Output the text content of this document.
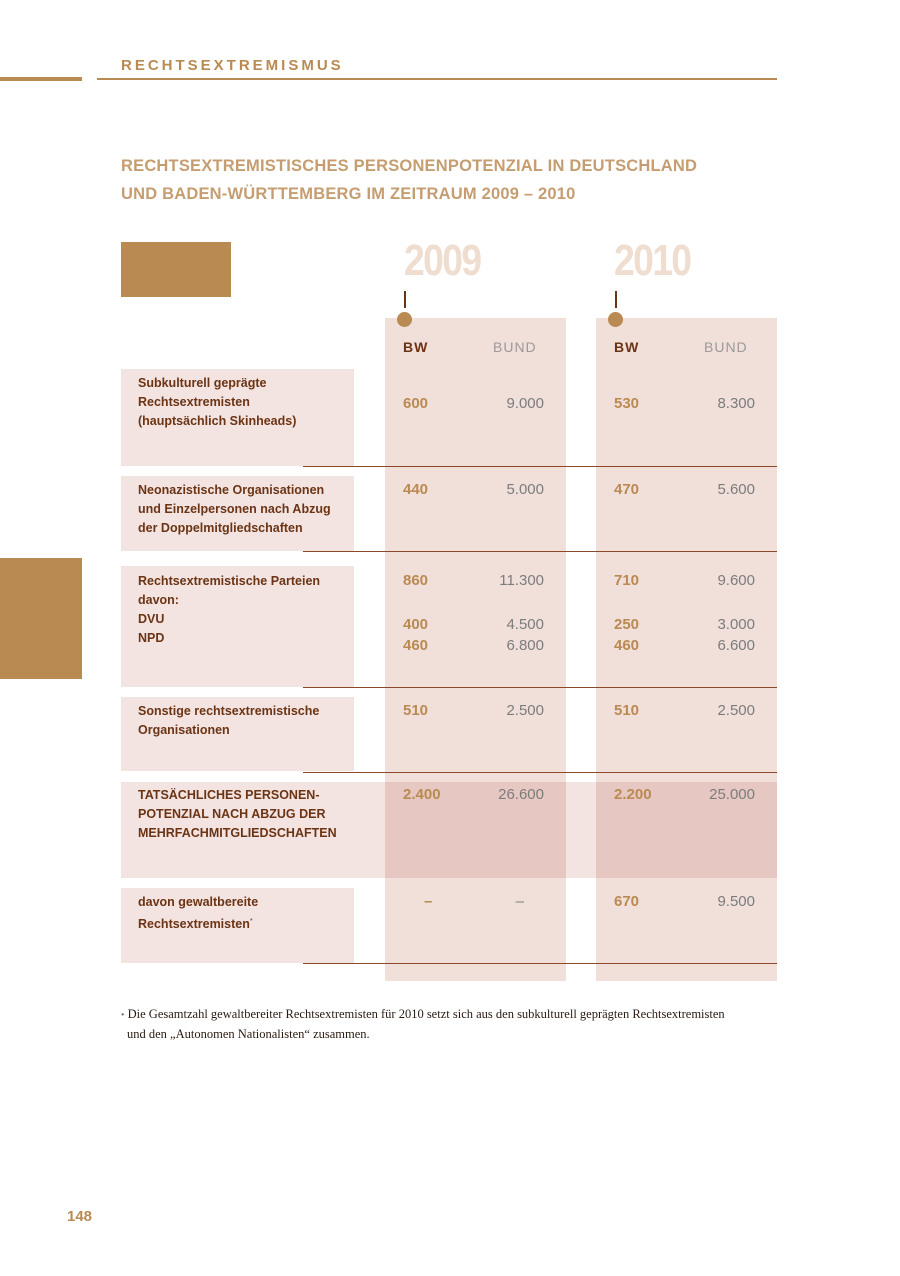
RECHTSEXTREMISMUS
RECHTSEXTREMISTISCHES PERSONENPOTENZIAL IN DEUTSCHLAND
UND BADEN-WÜRTTEMBERG IM ZEITRAUM 2009 – 2010
2009	2010
BW	BUND	BW	BUND
Subkulturell geprägte
Rechtsextremisten
(hauptsächlich Skinheads)
600	9.000	530	8.300
Neonazistische Organisationen
und Einzelpersonen nach Abzug
der Doppelmitgliedschaften
440	5.000	470	5.600
Rechtsextremistische Parteien
davon:
DVU
NPD
860	11.300	710	9.600
400	4.500	250	3.000
460	6.800	460	6.600
Sonstige rechtsextremistische
Organisationen
510	2.500	510	2.500
TATSÄCHLICHES PERSONEN-
POTENZIAL NACH ABZUG DER
MEHRFACHMITGLIEDSCHAFTEN
2.400	26.600	2.200	25.000
davon gewaltbereite
Rechtsextremisten*
–	–	670	9.500
* Die Gesamtzahl gewaltbereiter Rechtsextremisten für 2010 setzt sich aus den subkulturell geprägten Rechtsextremisten
und den „Autonomen Nationalisten“ zusammen.
148
